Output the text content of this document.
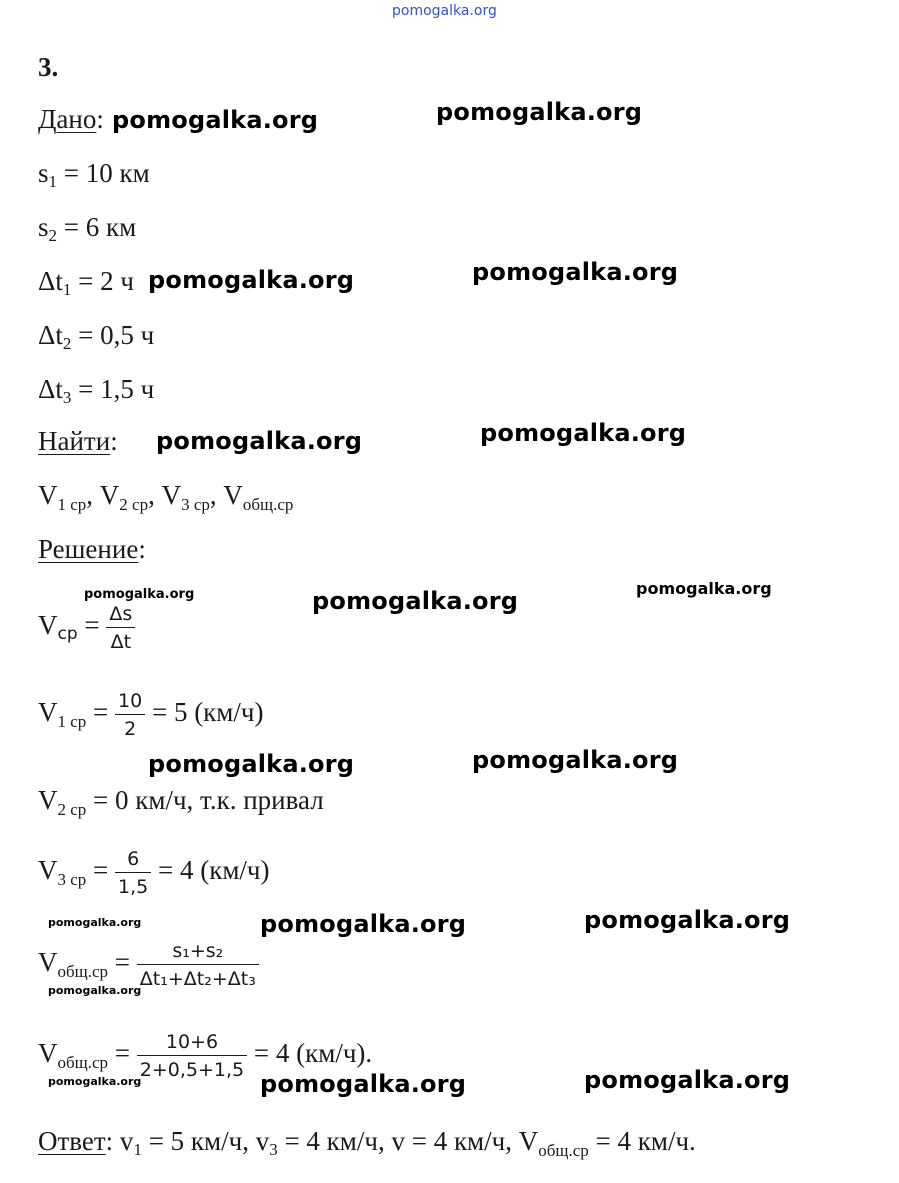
pomogalka.org
3.
Дано:
$s_1 = 10$ км
$s_2 = 6$ км
$\Delta t_1 = 2$ ч
$\Delta t_2 = 0,5$ ч
$\Delta t_3 = 1,5$ ч
Найти:
$V_{1 ср}$, $V_{2 ср}$, $V_{3 ср}$, $V_{общ.ср}$
Решение:
Vср = $\frac{\Delta s}{\Delta t}$
$V_{1 ср} = \frac{10}{2} = 5$ (км/ч)
$V_{2 ср} = 0$ км/ч, т.к. привал
$V_{3 ср} = \frac{6}{1,5} = 4$ (км/ч)
$V_{общ.ср} = \frac{\text{s₁+s₂}}{\text{Δt₁+Δt₂+Δt₃}}$
$V_{общ.ср} = \frac{10+6}{2+0,5+1,5} = 4$ (км/ч).
Ответ: $v_1 = 5$ км/ч, $v_3 = 4$ км/ч, v = 4 км/ч, $V_{общ.ср} = 4$ км/ч.
pomogalka.org	pomogalka.org
pomogalka.org	pomogalka.org
pomogalka.org	pomogalka.org
pomogalka.org	pomogalka.org	pomogalka.org
pomogalka.org	pomogalka.org
pomogalka.org	pomogalka.org	pomogalka.org
pomogalka.org
pomogalka.org	pomogalka.org	pomogalka.org
